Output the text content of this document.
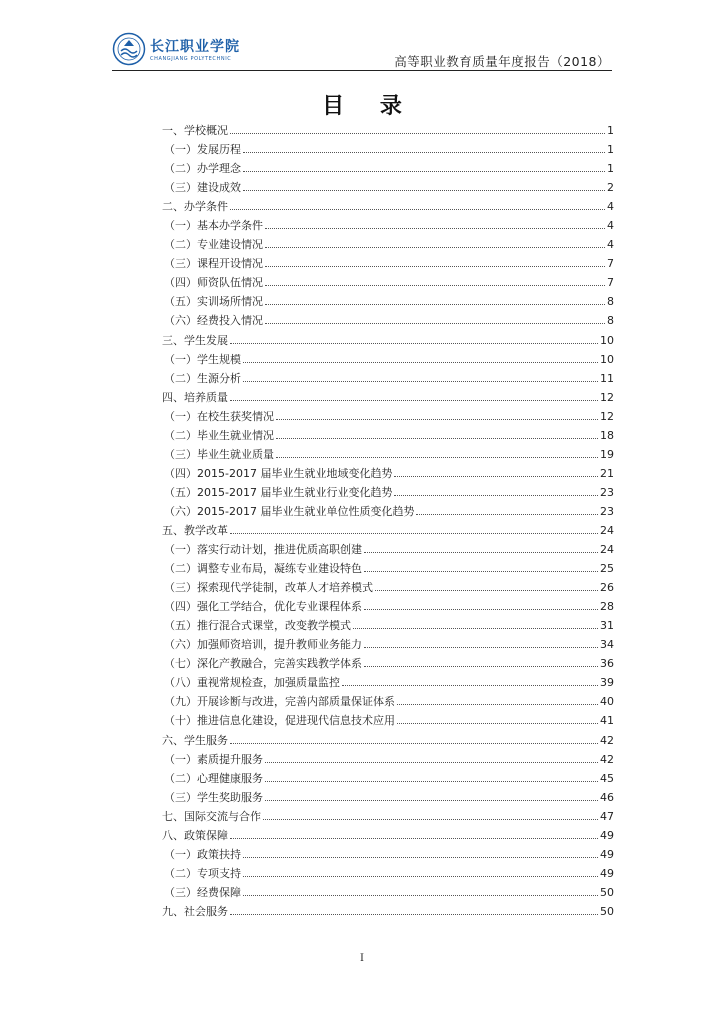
长江职业学院
CHANGJIANG POLYTECHNIC	高等职业教育质量年度报告（2018）
目 录
一、学校概况	1
（一）发展历程	1
（二）办学理念	1
（三）建设成效	2
二、办学条件	4
（一）基本办学条件	4
（二）专业建设情况	4
（三）课程开设情况	7
（四）师资队伍情况	7
（五）实训场所情况	8
（六）经费投入情况	8
三、学生发展	10
（一）学生规模	10
（二）生源分析	11
四、培养质量	12
（一）在校生获奖情况	12
（二）毕业生就业情况	18
（三）毕业生就业质量	19
（四）2015-2017 届毕业生就业地域变化趋势	21
（五）2015-2017 届毕业生就业行业变化趋势	23
（六）2015-2017 届毕业生就业单位性质变化趋势	23
五、教学改革	24
（一）落实行动计划，推进优质高职创建	24
（二）调整专业布局，凝练专业建设特色	25
（三）探索现代学徒制，改革人才培养模式	26
（四）强化工学结合，优化专业课程体系	28
（五）推行混合式课堂，改变教学模式	31
（六）加强师资培训，提升教师业务能力	34
（七）深化产教融合，完善实践教学体系	36
（八）重视常规检查，加强质量监控	39
（九）开展诊断与改进，完善内部质量保证体系	40
（十）推进信息化建设，促进现代信息技术应用	41
六、学生服务	42
（一）素质提升服务	42
（二）心理健康服务	45
（三）学生奖助服务	46
七、国际交流与合作	47
八、政策保障	49
（一）政策扶持	49
（二）专项支持	49
（三）经费保障	50
九、社会服务	50
I
